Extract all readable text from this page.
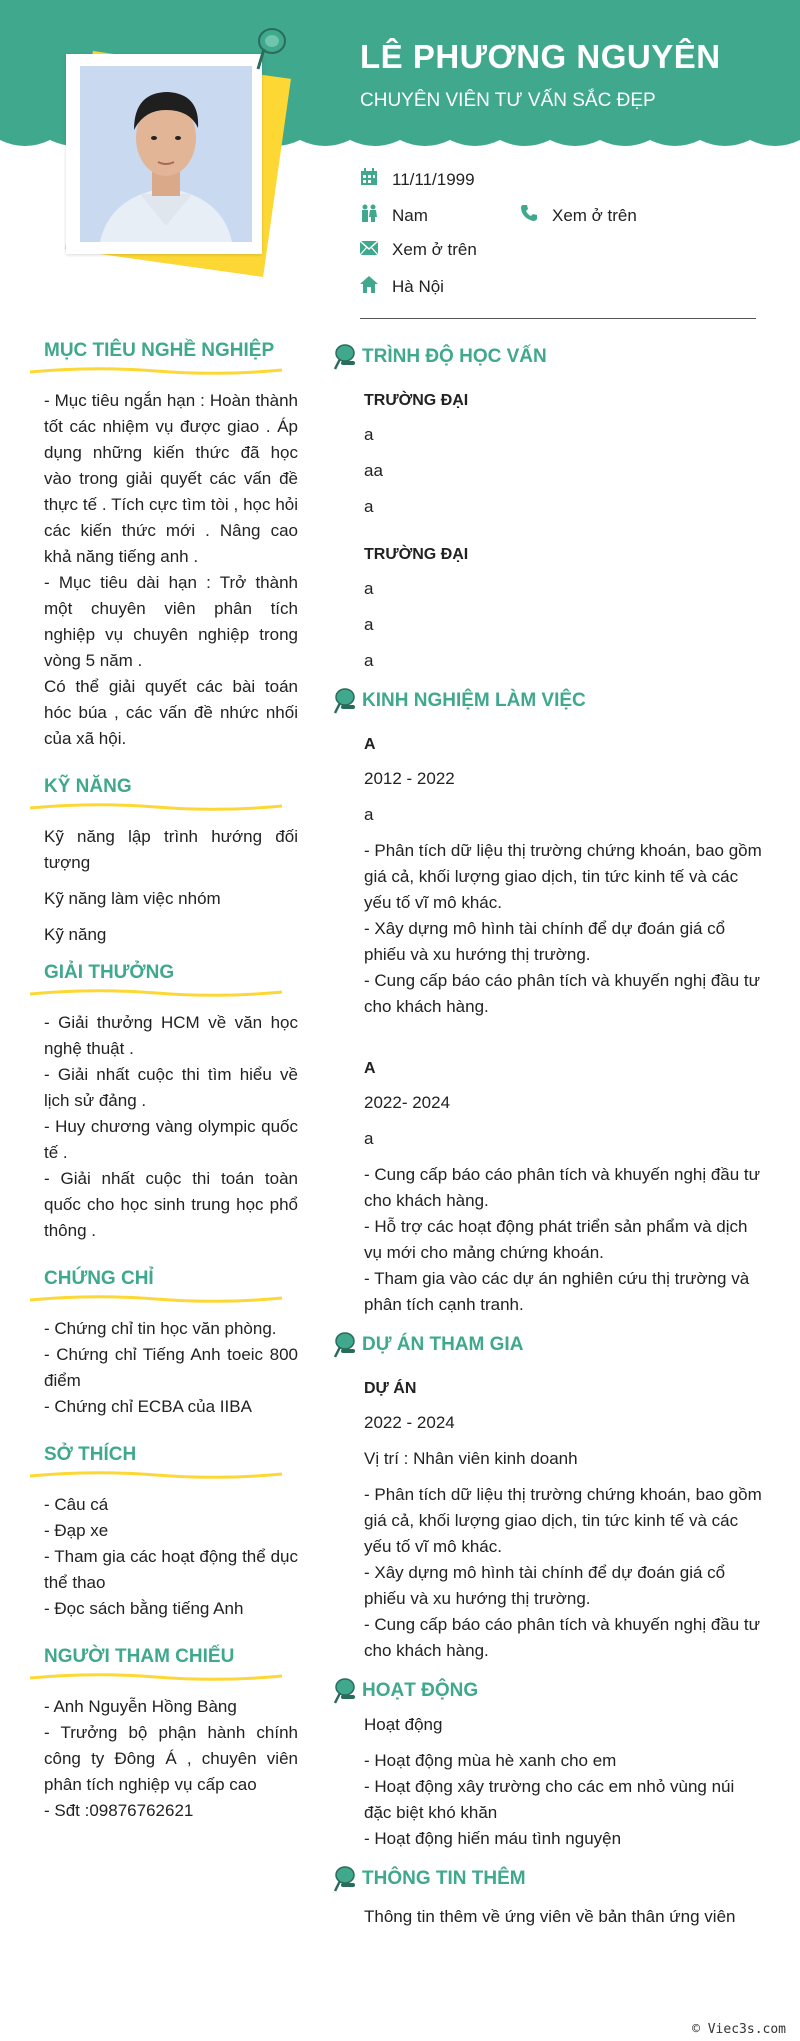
LÊ PHƯƠNG NGUYÊN
CHUYÊN VIÊN TƯ VẤN SẮC ĐẸP
11/11/1999
Nam	Xem ở trên
Xem ở trên
Hà Nội
MỤC TIÊU NGHỀ NGHIỆP
- Mục tiêu ngắn hạn : Hoàn thành tốt các nhiệm vụ được giao . Áp dụng những kiến thức đã học vào trong giải quyết các vấn đề thực tế . Tích cực tìm tòi , học hỏi các kiến thức mới . Nâng cao khả năng tiếng anh .
- Mục tiêu dài hạn : Trở thành một chuyên viên phân tích nghiệp vụ chuyên nghiệp trong vòng 5 năm .
Có thể giải quyết các bài toán hóc búa , các vấn đề nhức nhối của xã hội.
KỸ NĂNG
Kỹ năng lập trình hướng đối tượng
Kỹ năng làm việc nhóm
Kỹ năng
GIẢI THƯỞNG
- Giải thưởng HCM về văn học nghệ thuật .
- Giải nhất cuộc thi tìm hiểu về lịch sử đảng .
- Huy chương vàng olympic quốc tế .
- Giải nhất cuộc thi toán toàn quốc cho học sinh trung học phổ thông .
CHỨNG CHỈ
- Chứng chỉ tin học văn phòng.
- Chứng chỉ Tiếng Anh toeic 800 điểm
- Chứng chỉ ECBA của IIBA
SỞ THÍCH
- Câu cá
- Đạp xe
- Tham gia các hoạt động thể dục thể thao
- Đọc sách bằng tiếng Anh
NGƯỜI THAM CHIẾU
- Anh Nguyễn Hồng Bàng
- Trưởng bộ phận hành chính công ty Đông Á , chuyên viên phân tích nghiệp vụ cấp cao
- Sđt :09876762621
TRÌNH ĐỘ HỌC VẤN
TRƯỜNG ĐẠI
a
aa
a
TRƯỜNG ĐẠI
a
a
a
KINH NGHIỆM LÀM VIỆC
A
2012 - 2022
a
- Phân tích dữ liệu thị trường chứng khoán, bao gồm giá cả, khối lượng giao dịch, tin tức kinh tế và các yếu tố vĩ mô khác.
- Xây dựng mô hình tài chính để dự đoán giá cổ phiếu và xu hướng thị trường.
- Cung cấp báo cáo phân tích và khuyến nghị đầu tư cho khách hàng.
A
2022- 2024
a
- Cung cấp báo cáo phân tích và khuyến nghị đầu tư cho khách hàng.
- Hỗ trợ các hoạt động phát triển sản phẩm và dịch vụ mới cho mảng chứng khoán.
- Tham gia vào các dự án nghiên cứu thị trường và phân tích cạnh tranh.
DỰ ÁN THAM GIA
DỰ ÁN
2022 - 2024
Vị trí : Nhân viên kinh doanh
- Phân tích dữ liệu thị trường chứng khoán, bao gồm giá cả, khối lượng giao dịch, tin tức kinh tế và các yếu tố vĩ mô khác.
- Xây dựng mô hình tài chính để dự đoán giá cổ phiếu và xu hướng thị trường.
- Cung cấp báo cáo phân tích và khuyến nghị đầu tư cho khách hàng.
HOẠT ĐỘNG
Hoạt động
- Hoạt động mùa hè xanh cho em
- Hoạt động xây trường cho các em nhỏ vùng núi đặc biệt khó khăn
- Hoạt động hiến máu tình nguyện
THÔNG TIN THÊM
Thông tin thêm về ứng viên về bản thân ứng viên
© Viec3s.com
